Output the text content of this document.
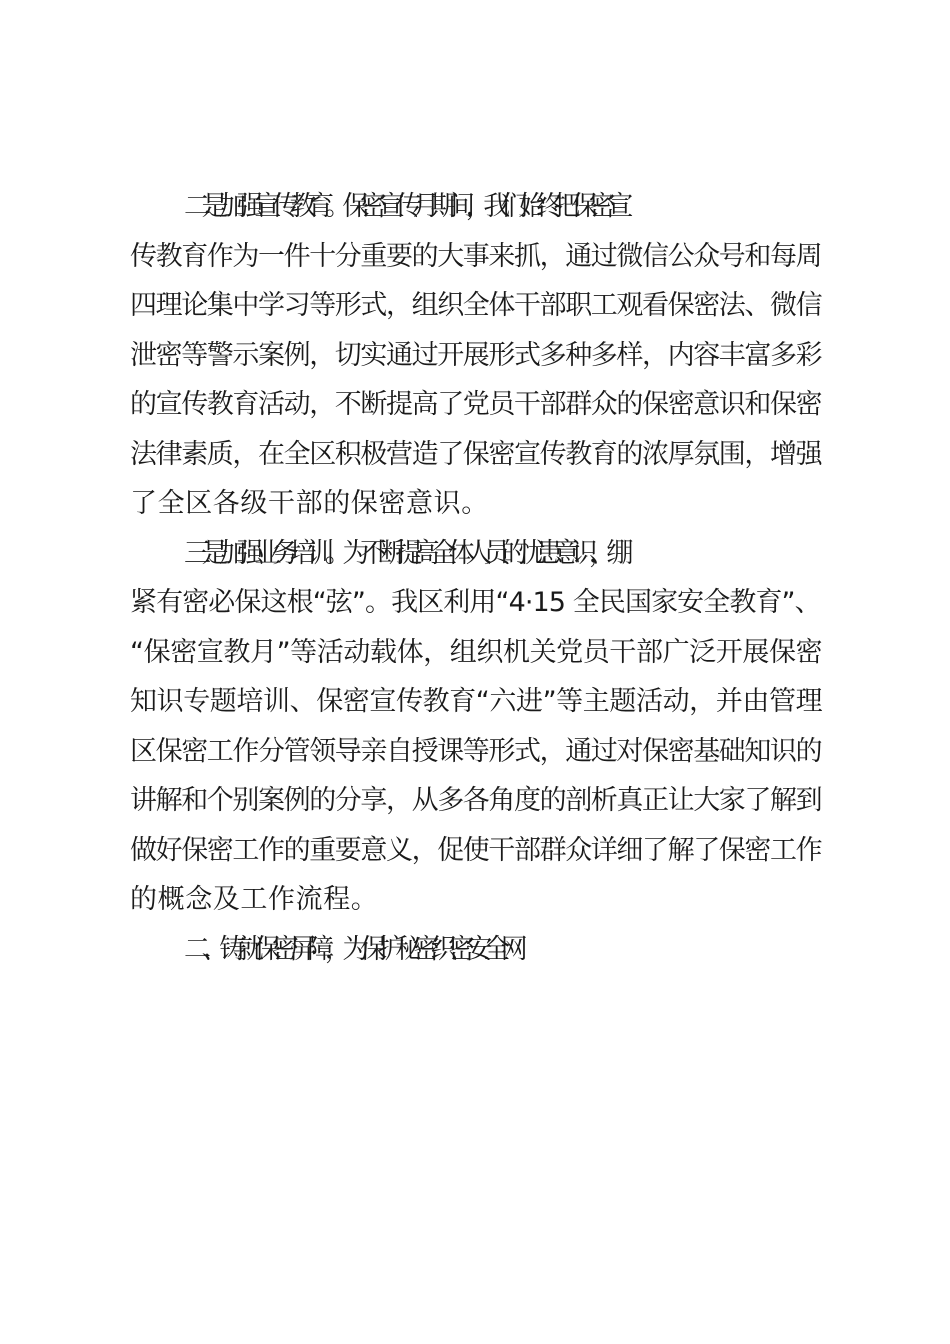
二是加强宣传教育。保密宣传月期间，我们始终把保密宣
传教育作为一件十分重要的大事来抓，通过微信公众号和每周
四理论集中学习等形式，组织全体干部职工观看保密法、微信
泄密等警示案例，切实通过开展形式多种多样，内容丰富多彩
的宣传教育活动，不断提高了党员干部群众的保密意识和保密
法律素质，在全区积极营造了保密宣传教育的浓厚氛围，增强
了全区各级干部的保密意识。

三是加强业务培训。为不断提高全体人员的忧患意识，绷
紧有密必保这根“弦”。我区利用“4·15 全民国家安全教育”、
“保密宣教月”等活动载体，组织机关党员干部广泛开展保密
知识专题培训、保密宣传教育“六进”等主题活动，并由管理
区保密工作分管领导亲自授课等形式，通过对保密基础知识的
讲解和个别案例的分享，从多各角度的剖析真正让大家了解到
做好保密工作的重要意义，促使干部群众详细了解了保密工作
的概念及工作流程。

二、铸就保密屏障，为保护秘密织密安全网
